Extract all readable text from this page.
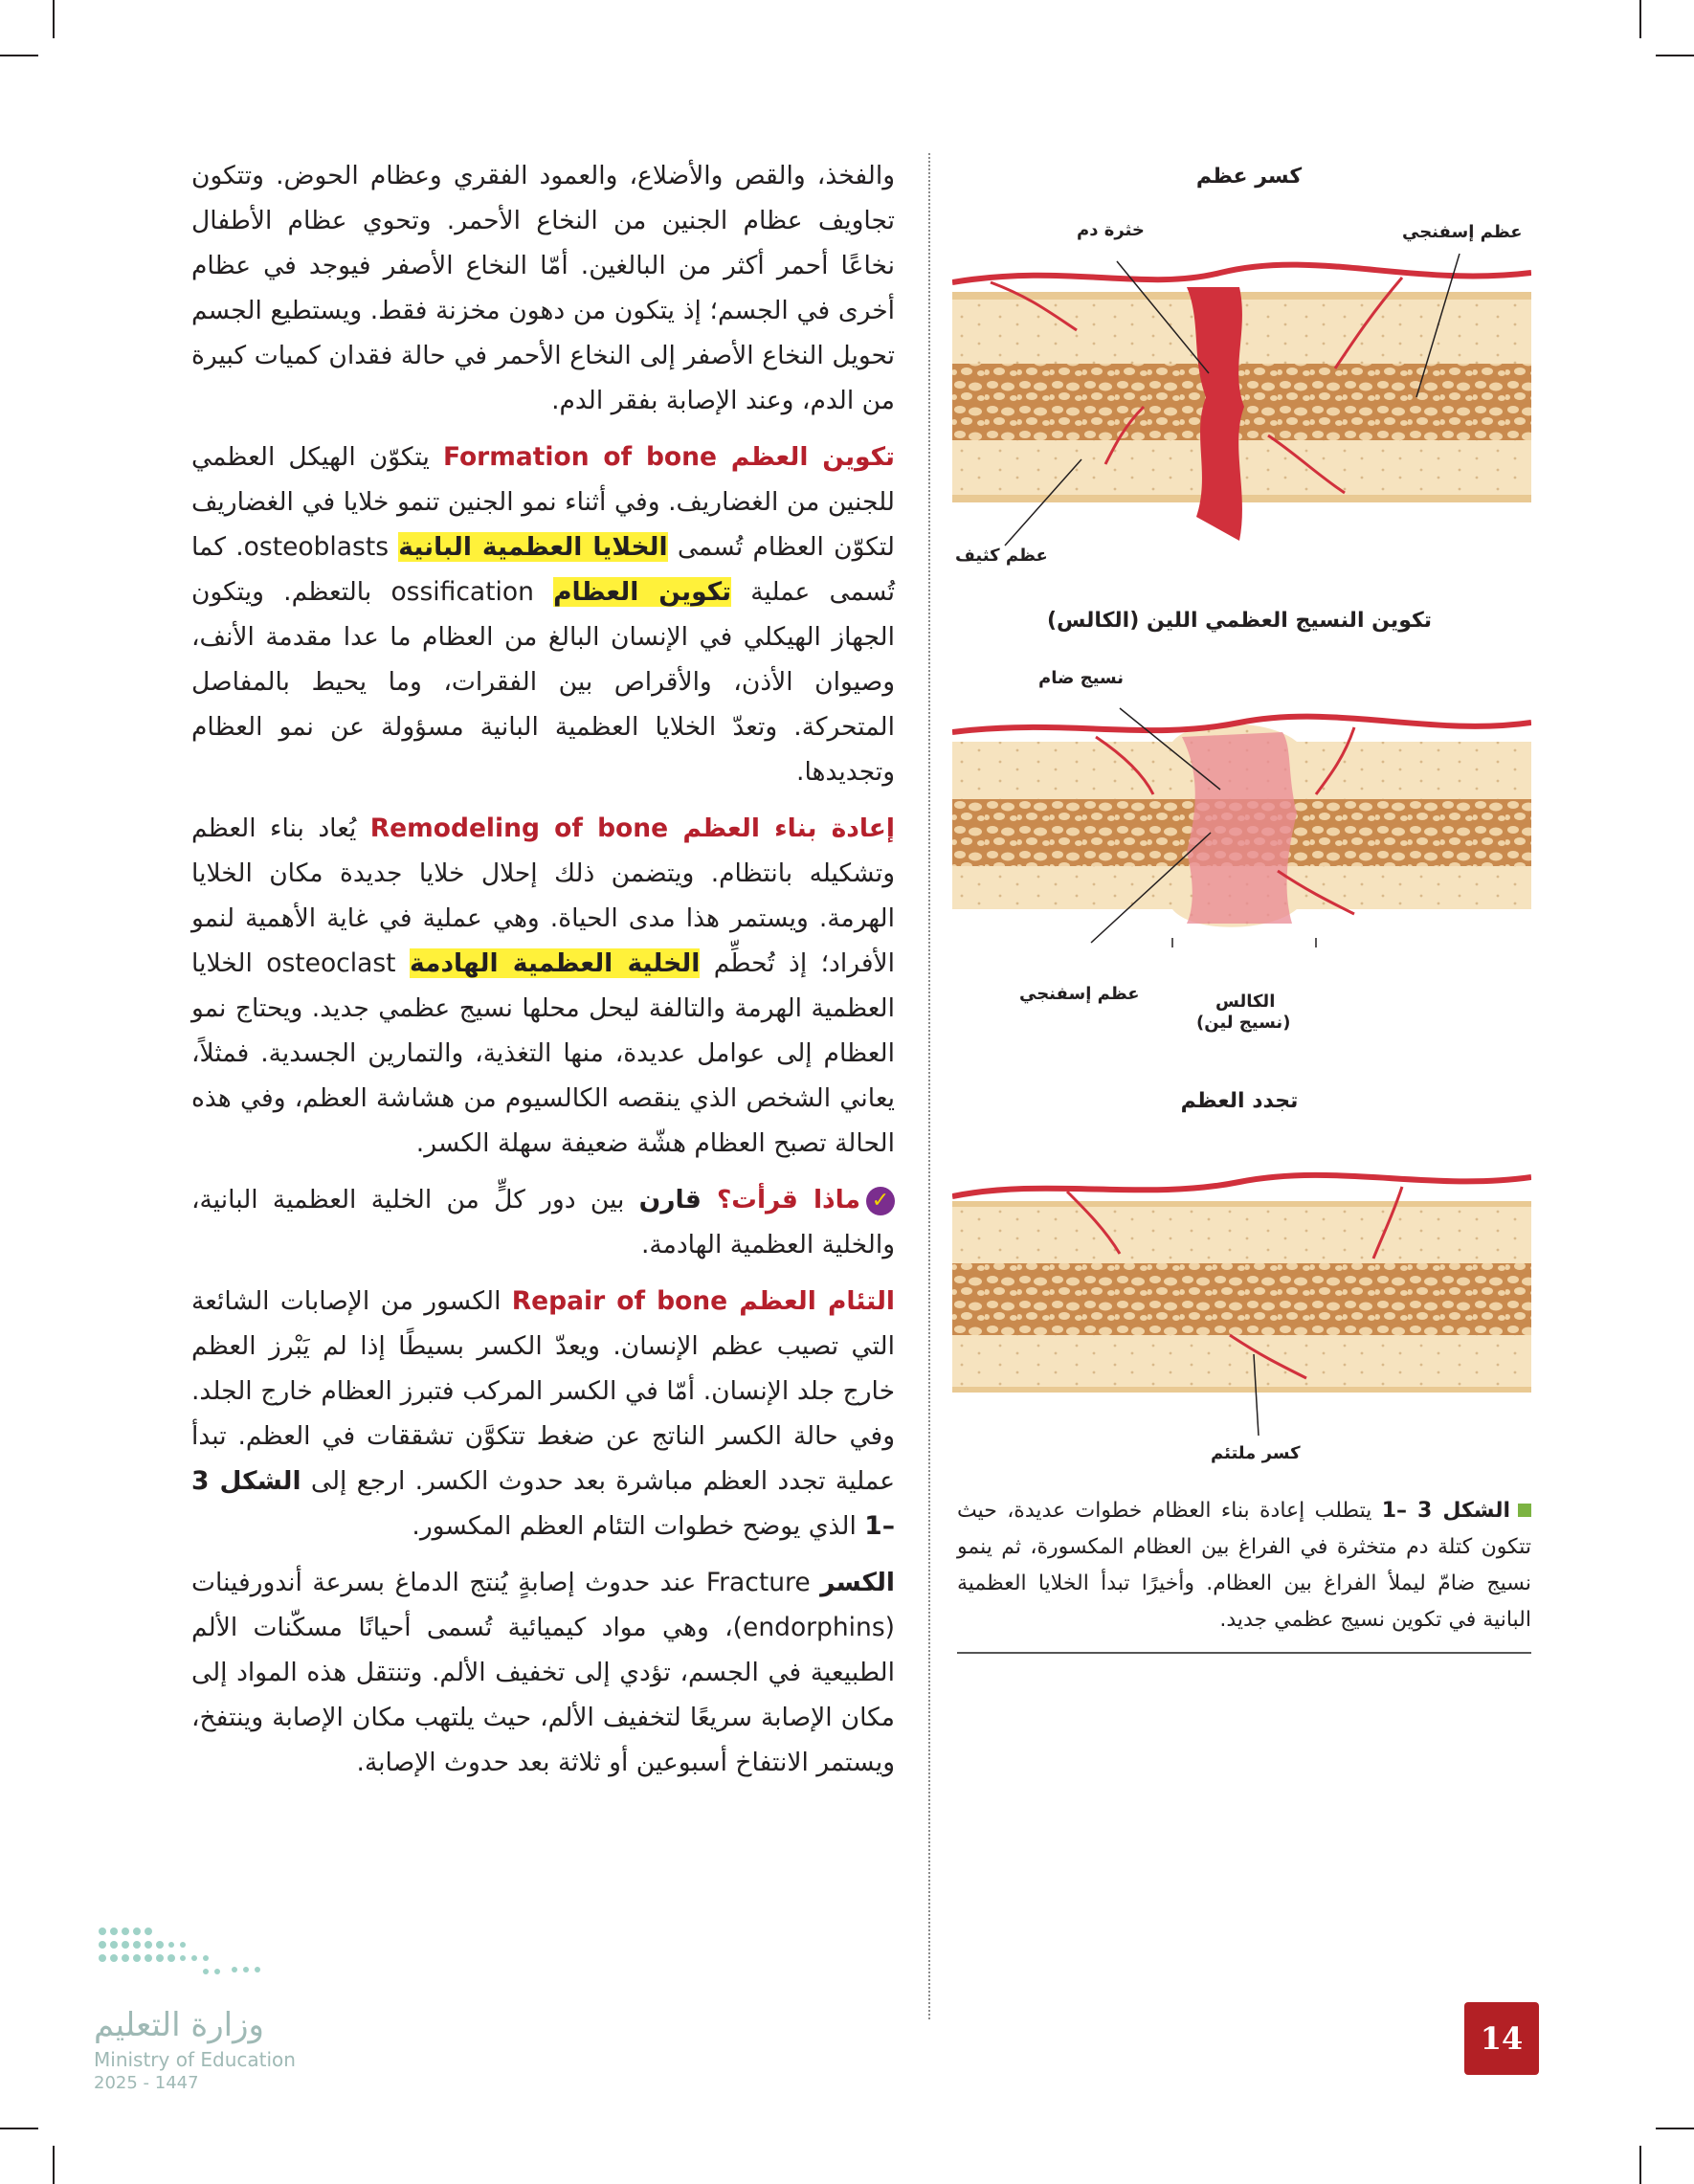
والفخذ، والقص والأضلاع، والعمود الفقري وعظام الحوض. وتتكون تجاويف عظام الجنين من النخاع الأحمر. وتحوي عظام الأطفال نخاعًا أحمر أكثر من البالغين. أمّا النخاع الأصفر فيوجد في عظام أخرى في الجسم؛ إذ يتكون من دهون مخزنة فقط. ويستطيع الجسم تحويل النخاع الأصفر إلى النخاع الأحمر في حالة فقدان كميات كبيرة من الدم، وعند الإصابة بفقر الدم.

تكوين العظم Formation of bone يتكوّن الهيكل العظمي للجنين من الغضاريف. وفي أثناء نمو الجنين تنمو خلايا في الغضاريف لتكوّن العظام تُسمى الخلايا العظمية البانية osteoblasts. كما تُسمى عملية تكوين العظام ossification بالتعظم. ويتكون الجهاز الهيكلي في الإنسان البالغ من العظام ما عدا مقدمة الأنف، وصيوان الأذن، والأقراص بين الفقرات، وما يحيط بالمفاصل المتحركة. وتعدّ الخلايا العظمية البانية مسؤولة عن نمو العظام وتجديدها.

إعادة بناء العظم Remodeling of bone يُعاد بناء العظم وتشكيله بانتظام. ويتضمن ذلك إحلال خلايا جديدة مكان الخلايا الهرمة. ويستمر هذا مدى الحياة. وهي عملية في غاية الأهمية لنمو الأفراد؛ إذ تُحطِّم الخلية العظمية الهادمة osteoclast الخلايا العظمية الهرمة والتالفة ليحل محلها نسيج عظمي جديد. ويحتاج نمو العظام إلى عوامل عديدة، منها التغذية، والتمارين الجسدية. فمثلاً، يعاني الشخص الذي ينقصه الكالسيوم من هشاشة العظم، وفي هذه الحالة تصبح العظام هشّة ضعيفة سهلة الكسر.

✓ماذا قرأت؟ قارن بين دور كلٍّ من الخلية العظمية البانية، والخلية العظمية الهادمة.

التئام العظم Repair of bone الكسور من الإصابات الشائعة التي تصيب عظم الإنسان. ويعدّ الكسر بسيطًا إذا لم يَبْرز العظم خارج جلد الإنسان. أمّا في الكسر المركب فتبرز العظام خارج الجلد. وفي حالة الكسر الناتج عن ضغط تتكوَّن تشققات في العظم. تبدأ عملية تجدد العظم مباشرة بعد حدوث الكسر. ارجع إلى الشكل 3 –1 الذي يوضح خطوات التئام العظم المكسور.

الكسر Fracture عند حدوث إصابةٍ يُنتج الدماغ بسرعة أندورفينات (endorphins)، وهي مواد كيميائية تُسمى أحيانًا مسكّنات الألم الطبيعية في الجسم، تؤدي إلى تخفيف الألم. وتنتقل هذه المواد إلى مكان الإصابة سريعًا لتخفيف الألم، حيث يلتهب مكان الإصابة وينتفخ، ويستمر الانتفاخ أسبوعين أو ثلاثة بعد حدوث الإصابة.

كسر عظم
خثرة دم	عظم إسفنجي
عظم كثيف
تكوين النسيج العظمي اللين (الكالس)
نسيج ضام
عظم إسفنجي	الكالس
(نسيج لين)
تجدد العظم
كسر ملتئم
الشكل 3 –1 يتطلب إعادة بناء العظام خطوات عديدة، حيث تتكون كتلة دم متخثرة في الفراغ بين العظام المكسورة، ثم ينمو نسيج ضامّ ليملأ الفراغ بين العظام. وأخيرًا تبدأ الخلايا العظمية البانية في تكوين نسيج عظمي جديد.
وزارة التعليم
Ministry of Education
2025 - 1447
14
